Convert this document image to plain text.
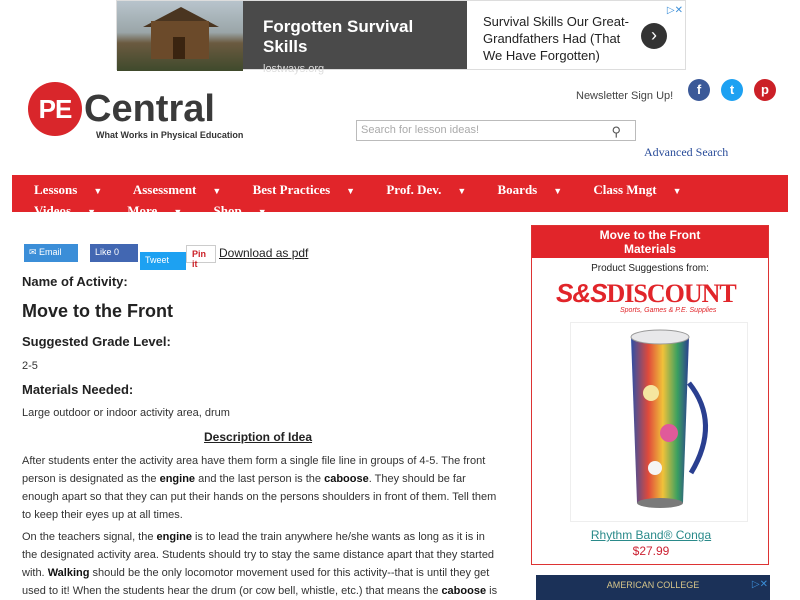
Forgotten Survival Skills
lostways.org
Survival Skills Our Great-Grandfathers Had (That We Have Forgotten)
›
▷✕
PE Central
What Works in Physical Education
Newsletter Sign Up!	f	t	p
Search for lesson ideas!	⚲
Advanced Search
Lessons ▼ Assessment ▼ Best Practices ▼ Prof. Dev. ▼ Boards ▼ Class Mngt ▼ Videos ▼ More ▼ Shop ▼
Challenges ▼
✉ Email	Like 0
Tweet
Pin it
Download as pdf
Name of Activity:
Move to the Front
Suggested Grade Level:
2-5
Materials Needed:
Large outdoor or indoor activity area, drum
Description of Idea
After students enter the activity area have them form a single file line in groups of 4-5. The front person is designated as the engine and the last person is the caboose. They should be far enough apart so that they can put their hands on the persons shoulders in front of them. Tell them to keep their eyes up at all times.
On the teachers signal, the engine is to lead the train anywhere he/she wants as long as it is in the designated activity area. Students should try to stay the same distance apart that they started with. Walking should be the only locomotor movement used for this activity--that is until they get used to it! When the students hear the drum (or cow bell, whistle, etc.) that means the caboose is
Move to the Front Materials
Product Suggestions from:
S&SDISCOUNT
Sports, Games & P.E. Supplies
Rhythm Band® Conga
$27.99
AMERICAN COLLEGE	▷✕
